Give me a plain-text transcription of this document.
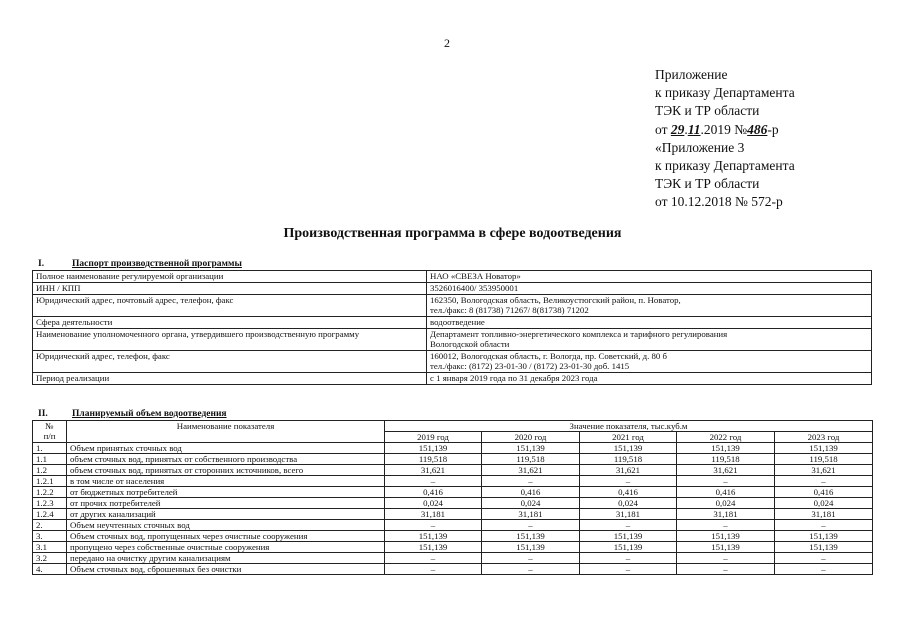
2
Приложение
к приказу Департамента
ТЭК и ТР области
от 29.11.2019 №486-р
«Приложение 3
к приказу Департамента
ТЭК и ТР области
от 10.12.2018 № 572-р
Производственная программа в сфере водоотведения
I.	Паспорт производственной программы
Полное наименование регулируемой организации	НАО «СВЕЗА Новатор»

ИНН / КПП	3526016400/ 353950001

Юридический адрес, почтовый адрес, телефон, факс	162350, Вологодская область, Великоустюгский район, п. Новатор,
тел./факс: 8 (81738) 71267/ 8(81738) 71202

Сфера деятельности	водоотведение

Наименование уполномоченного органа, утвердившего производственную программу	Департамент топливно-энергетического комплекса и тарифного регулирования
Вологодской области

Юридический адрес, телефон, факс	160012, Вологодская область, г. Вологда, пр. Советский, д. 80 б
тел./факс: (8172) 23-01-30 / (8172) 23-01-30 доб. 1415

Период реализации	с 1 января 2019 года по 31 декабря 2023 года
II.	Планируемый объем водоотведения
№
п/п	Наименование показателя	Значение показателя, тыс.куб.м				
		2019 год	2020 год	2021 год	2022 год	2023 год
1.	Объем принятых сточных вод	151,139	151,139	151,139	151,139	151,139
1.1	объем сточных вод, принятых от собственного производства	119,518	119,518	119,518	119,518	119,518
1.2	объем сточных вод, принятых от сторонних источников, всего	31,621	31,621	31,621	31,621	31,621
1.2.1	в том числе от населения	–	–	–	–	–
1.2.2	от бюджетных потребителей	0,416	0,416	0,416	0,416	0,416
1.2.3	от прочих потребителей	0,024	0,024	0,024	0,024	0,024
1.2.4	от других канализаций	31,181	31,181	31,181	31,181	31,181
2.	Объем неучтенных сточных вод	–	–	–	–	–
3.	Объем сточных вод, пропущенных через очистные сооружения	151,139	151,139	151,139	151,139	151,139
3.1	пропущено через собственные очистные сооружения	151,139	151,139	151,139	151,139	151,139
3.2	передано на очистку другим канализациям	–	–	–	–	–
4.	Объем сточных вод, сброшенных без очистки	–	–	–	–	–
